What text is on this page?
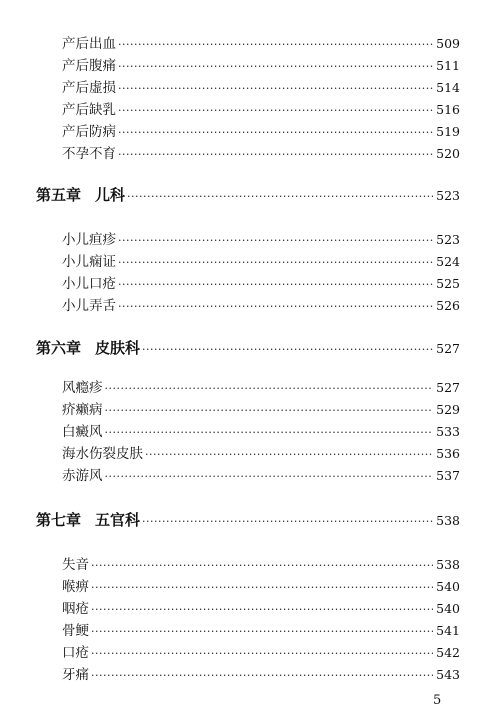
产后出血 ·····	509
产后腹痛 ·····	511
产后虚损 ·····	514
产后缺乳 ·····	516
产后防病 ·····	519
不孕不育 ·····	520
第五章 儿科 ·····	523
小儿疸疹 ·····	523
小儿痫证 ·····	524
小儿口疮 ·····	525
小儿弄舌 ·····	526
第六章 皮肤科 ·····	527
风瘾疹 ·····	527
疥癞病 ·····	529
白癜风 ·····	533
海水伤裂皮肤 ·····	536
赤游风 ·····	537
第七章 五官科 ·····	538
失音 ·····	538
喉痹 ·····	540
咽疮 ·····	540
骨鲠 ·····	541
口疮 ·····	542
牙痛 ·····	543
5
